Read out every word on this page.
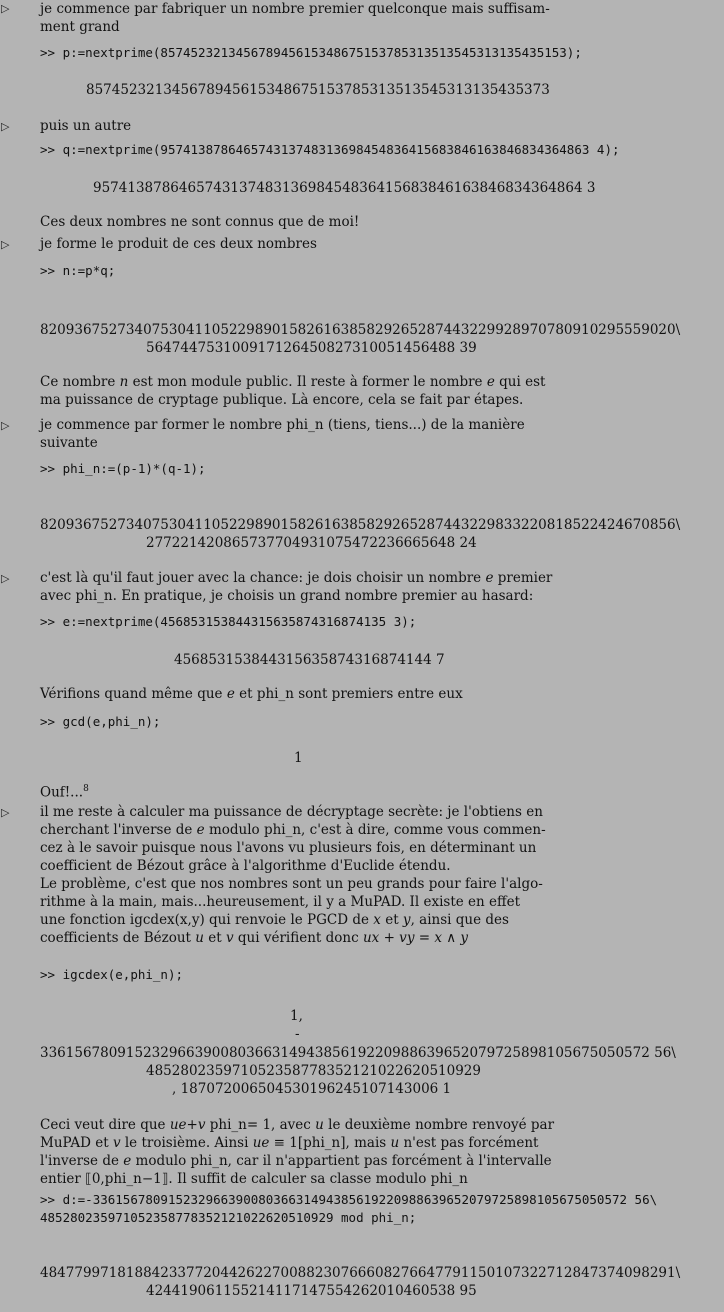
▷ je commence par fabriquer un nombre premier quelconque mais suffisam-
ment grand
>> p:=nextprime(857452321345678945615348675153785313513545313135435153);
857452321345678945615348675153785313513545313135435373
▷ puis un autre
>> q:=nextprime(957413878646574313748313698454836415683846163846834364863 4);
957413878646574313748313698454836415683846163846834364864 3
Ces deux nombres ne sont connus que de moi!
▷ je forme le produit de ces deux nombres
>> n:=p*q;
82093675273407530411052298901582616385829265287443229928970780910295559020\
564744753100917126450827310051456488 39
Ce nombre n est mon module public. Il reste à former le nombre e qui est
ma puissance de cryptage publique. Là encore, cela se fait par étapes.
▷ je commence par former le nombre phi_n (tiens, tiens...) de la manière
suivante
>> phi_n:=(p-1)*(q-1);
82093675273407530411052298901582616385829265287443229833220818522424670856\
277221420865737704931075472236665648 24
▷ c'est là qu'il faut jouer avec la chance: je dois choisir un nombre e premier
avec phi_n. En pratique, je choisis un grand nombre premier au hasard:
>> e:=nextprime(456853153844315635874316874135 3);
456853153844315635874316874144 7
Vérifions quand même que e et phi_n sont premiers entre eux
>> gcd(e,phi_n);
1
Ouf!...$^8$
▷ il me reste à calculer ma puissance de décryptage secrète: je l'obtiens en
cherchant l'inverse de e modulo phi_n, c'est à dire, comme vous commen-
cez à le savoir puisque nous l'avons vu plusieurs fois, en déterminant un
coefficient de Bézout grâce à l'algorithme d'Euclide étendu.
Le problème, c'est que nos nombres sont un peu grands pour faire l'algo-
rithme à la main, mais...heureusement, il y a MuPAD. Il existe en effet
une fonction igcdex(x,y) qui renvoie le PGCD de x et y, ainsi que des
coefficients de Bézout u et v qui vérifient donc ux + vy = x ∧ y
>> igcdex(e,phi_n);
1,
-
33615678091523296639008036631494385619220988639652079725898105675050572 56\
485280235971052358778352121022620510929
, 187072006504530196245107143006 1
Ceci veut dire que ue+v phi_n= 1, avec u le deuxième nombre renvoyé par
MuPAD et v le troisième. Ainsi ue ≡ 1[phi_n], mais u n'est pas forcément
l'inverse de e modulo phi_n, car il n'appartient pas forcément à l'intervalle
entier ⟦0,phi_n−1⟧. Il suffit de calculer sa classe modulo phi_n
>> d:=-33615678091523296639008036631494385619220988639652079725898105675050572 56\
485280235971052358778352121022620510929 mod phi_n;
48477997181884233772044262270088230766608276647791150107322712847374098291\
424419061155214117147554262010460538 95
